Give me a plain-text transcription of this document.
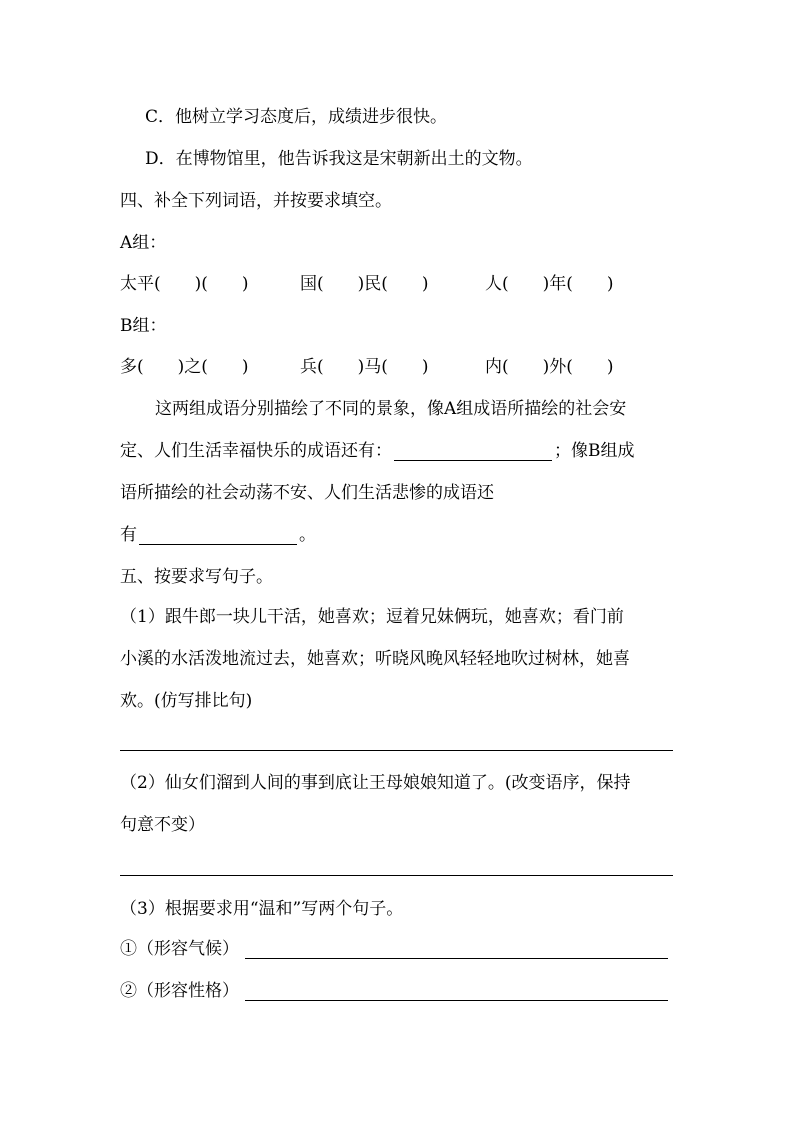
C．他树立学习态度后，成绩进步很快。
D．在博物馆里，他告诉我这是宋朝新出土的文物。
四、补全下列词语，并按要求填空。
A组：
太平(　　)(　　)	国(　　)民(　　)	人(　　)年(　　)
B组：
多(　　)之(　　)	兵(　　)马(　　)	内(　　)外(　　)
这两组成语分别描绘了不同的景象，像A组成语所描绘的社会安
定、人们生活幸福快乐的成语还有：	；像B组成
语所描绘的社会动荡不安、人们生活悲惨的成语还
有	。
五、按要求写句子。
（1）跟牛郎一块儿干活，她喜欢；逗着兄妹俩玩，她喜欢；看门前
小溪的水活泼地流过去，她喜欢；听晓风晚风轻轻地吹过树林，她喜
欢。(仿写排比句)
（2）仙女们溜到人间的事到底让王母娘娘知道了。(改变语序，保持
句意不变）
（3）根据要求用“温和”写两个句子。
①（形容气候）
②（形容性格）
